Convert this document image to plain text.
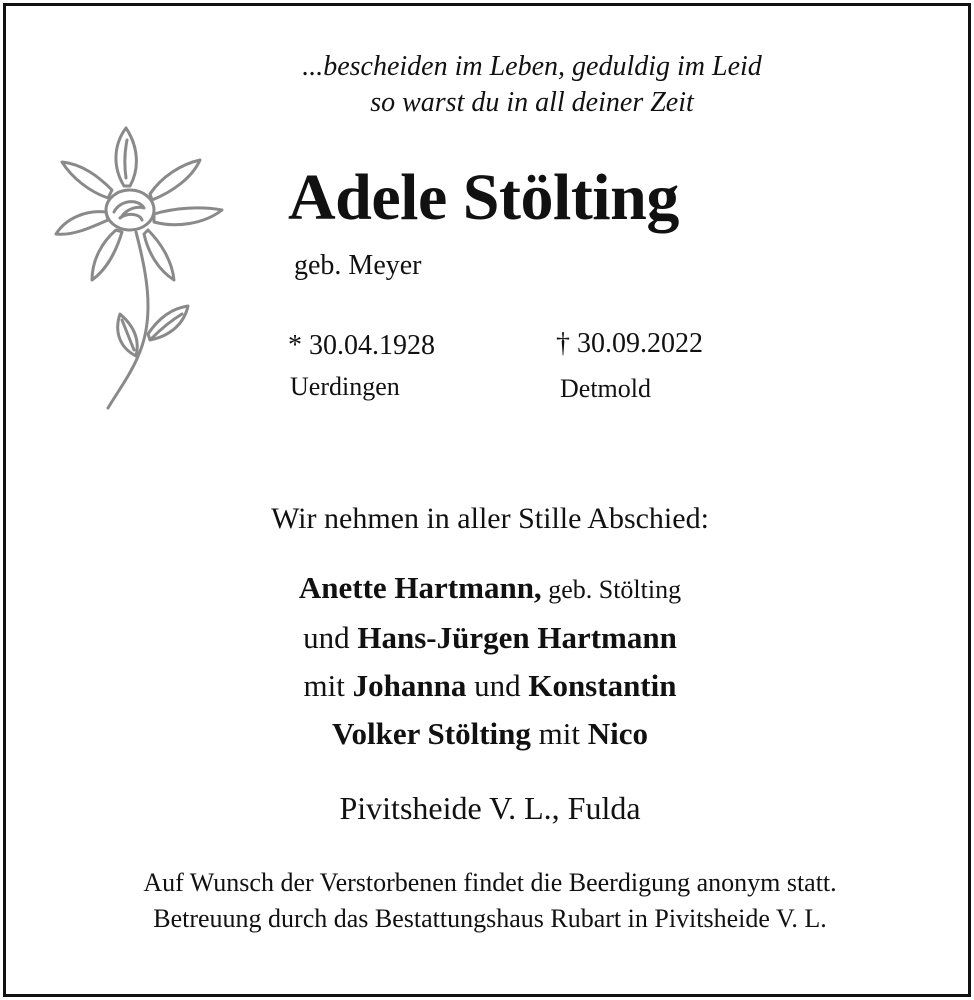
...bescheiden im Leben, geduldig im Leid
so warst du in all deiner Zeit
Adele Stölting
geb. Meyer
* 30.04.1928
Uerdingen
† 30.09.2022
Detmold
Wir nehmen in aller Stille Abschied:
Anette Hartmann, geb. Stölting
und Hans-Jürgen Hartmann
mit Johanna und Konstantin
Volker Stölting mit Nico
Pivitsheide V. L., Fulda
Auf Wunsch der Verstorbenen findet die Beerdigung anonym statt.
Betreuung durch das Bestattungshaus Rubart in Pivitsheide V. L.
